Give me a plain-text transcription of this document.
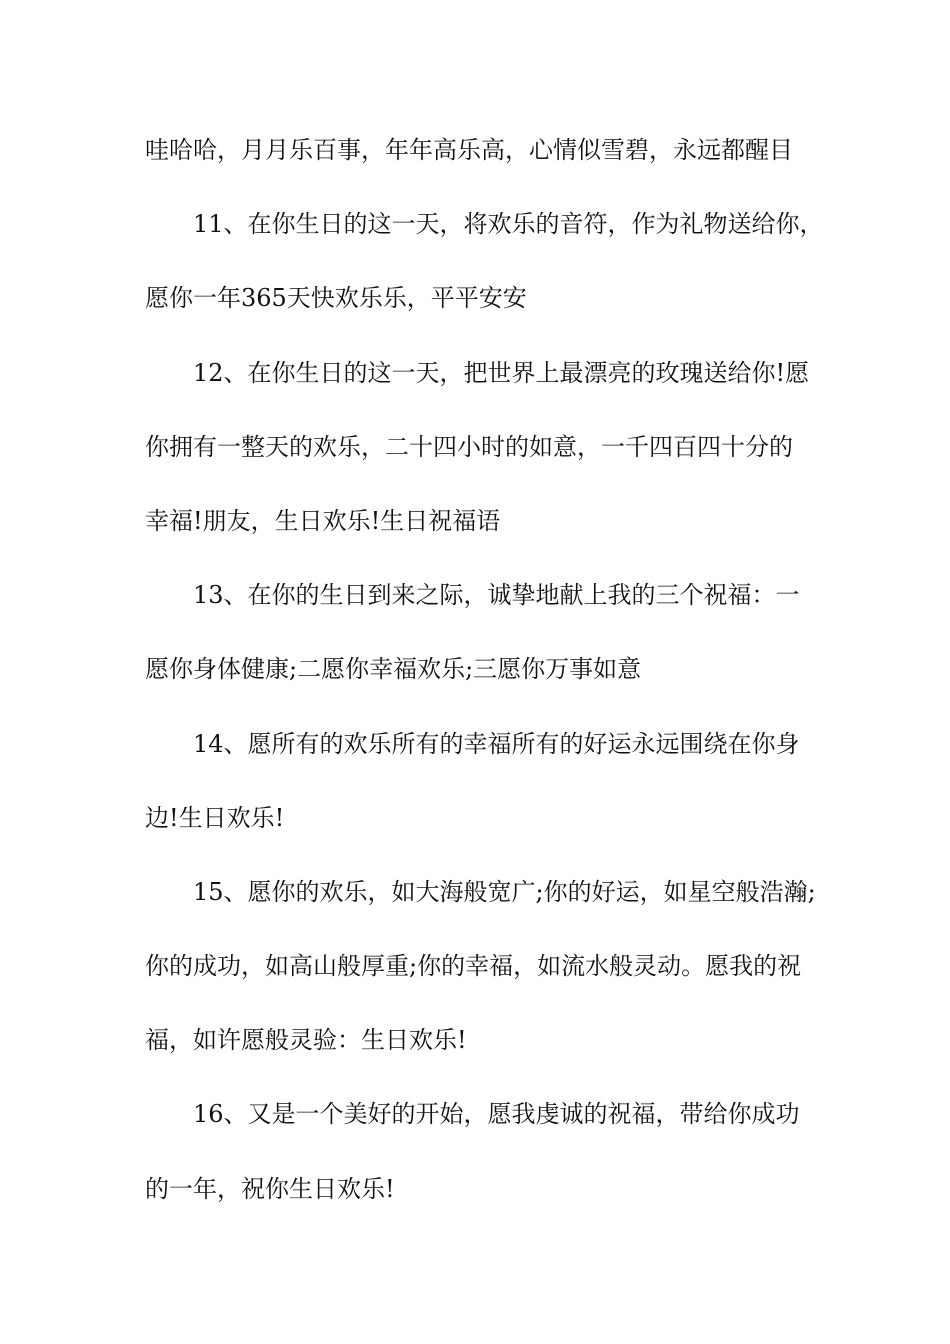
哇哈哈，月月乐百事，年年高乐高，心情似雪碧，永远都醒目
11、在你生日的这一天，将欢乐的音符，作为礼物送给你，
愿你一年365天快欢乐乐，平平安安
12、在你生日的这一天，把世界上最漂亮的玫瑰送给你!愿
你拥有一整天的欢乐，二十四小时的如意，一千四百四十分的
幸福!朋友，生日欢乐!生日祝福语
13、在你的生日到来之际，诚挚地献上我的三个祝福：一
愿你身体健康;二愿你幸福欢乐;三愿你万事如意
14、愿所有的欢乐所有的幸福所有的好运永远围绕在你身
边!生日欢乐!
15、愿你的欢乐，如大海般宽广;你的好运，如星空般浩瀚;
你的成功，如高山般厚重;你的幸福，如流水般灵动。愿我的祝
福，如许愿般灵验：生日欢乐!
16、又是一个美好的开始，愿我虔诚的祝福，带给你成功
的一年，祝你生日欢乐!
